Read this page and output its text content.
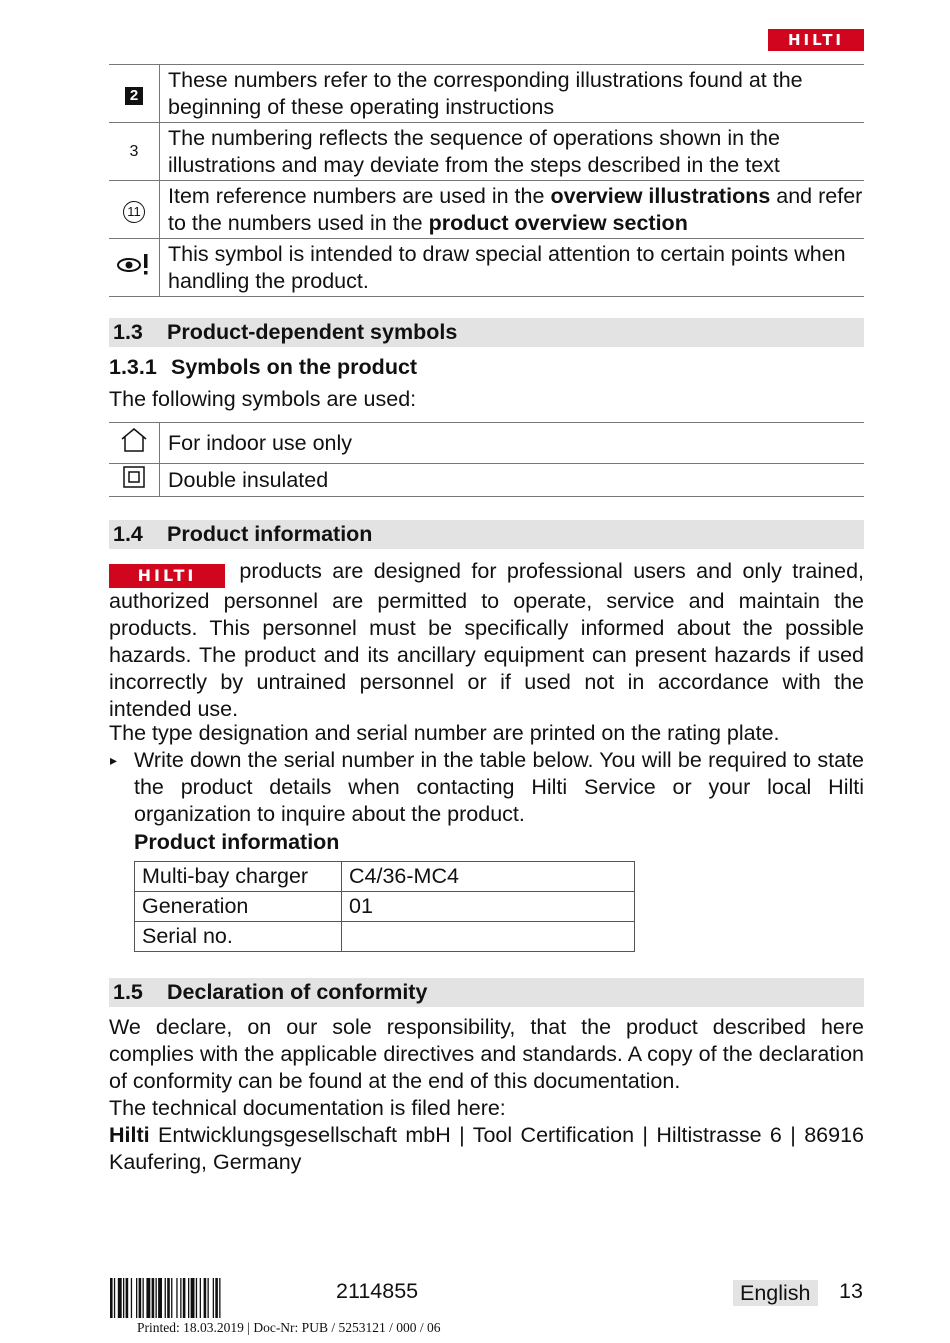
HILTI
2	These numbers refer to the corresponding illustrations found at the beginning of these operating instructions
3	The numbering reflects the sequence of operations shown in the illustrations and may deviate from the steps described in the text
11	Item reference numbers are used in the overview illustrations and refer to the numbers used in the product overview section
	This symbol is intended to draw special attention to certain points when handling the product.
1.3 Product-dependent symbols
1.3.1 Symbols on the product
The following symbols are used:
	For indoor use only
	Double insulated
1.4 Product information
HILTI products are designed for professional users and only trained, authorized personnel are permitted to operate, service and maintain the products. This personnel must be specifically informed about the possible hazards. The product and its ancillary equipment can present hazards if used incorrectly by untrained personnel or if used not in accordance with the intended use.
The type designation and serial number are printed on the rating plate.
▸ Write down the serial number in the table below. You will be required to state the product details when contacting Hilti Service or your local Hilti organization to inquire about the product.
Product information
Multi-bay charger	C4/36-MC4
Generation	01
Serial no.	
1.5 Declaration of conformity
We declare, on our sole responsibility, that the product described here complies with the applicable directives and standards. A copy of the declaration of conformity can be found at the end of this documentation.
The technical documentation is filed here:
Hilti Entwicklungsgesellschaft mbH | Tool Certification | Hiltistrasse 6 | 86916 Kaufering, Germany
2114855	English	13
Printed: 18.03.2019 | Doc-Nr: PUB / 5253121 / 000 / 06
